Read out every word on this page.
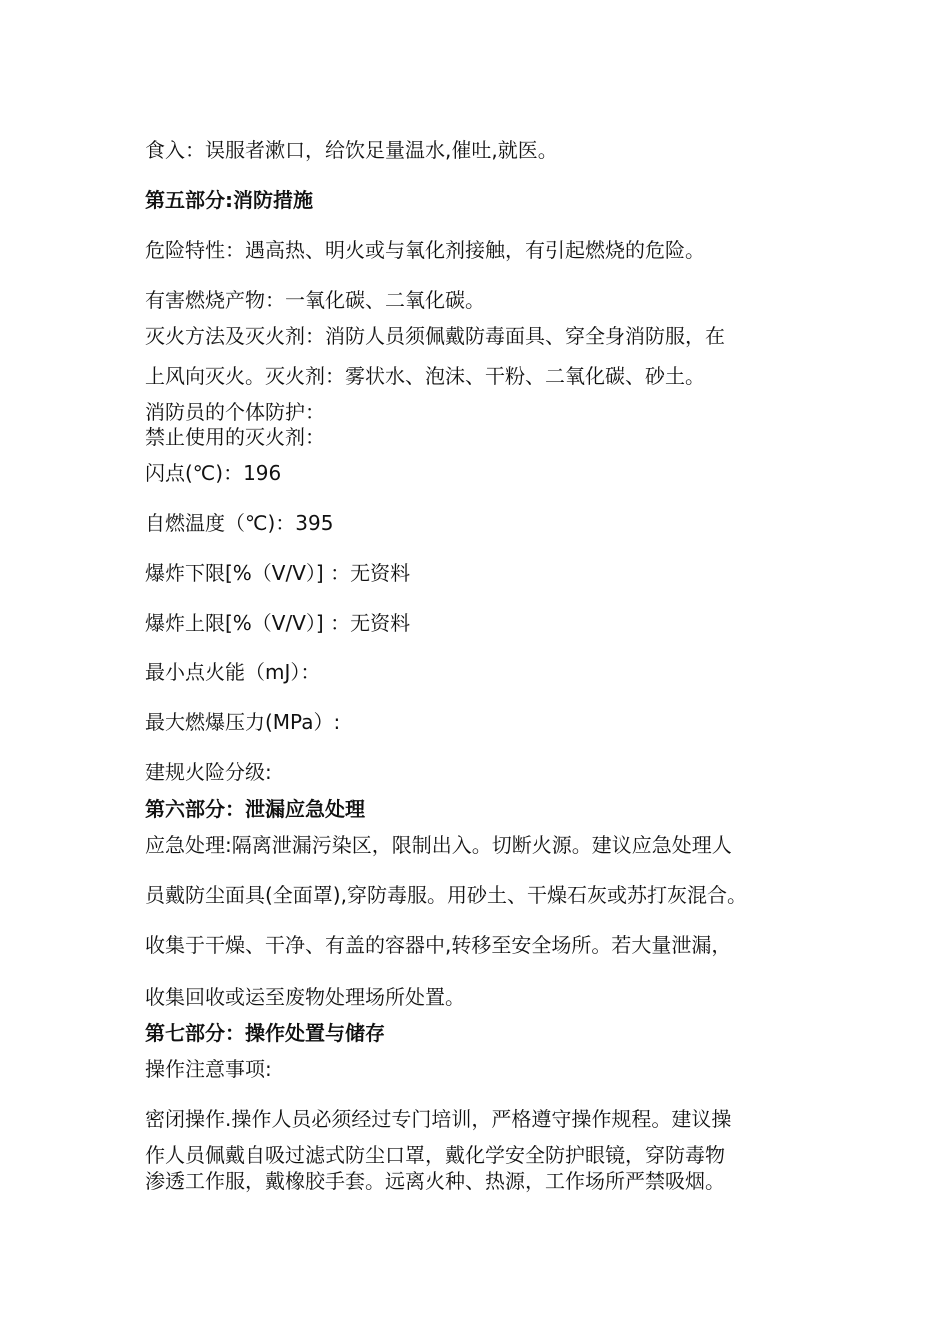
食入：误服者漱口，给饮足量温水,催吐,就医。
第五部分:消防措施
危险特性：遇高热、明火或与氧化剂接触，有引起燃烧的危险。
有害燃烧产物：一氧化碳、二氧化碳。
灭火方法及灭火剂：消防人员须佩戴防毒面具、穿全身消防服，在
上风向灭火。灭火剂：雾状水、泡沫、干粉、二氧化碳、砂土。
消防员的个体防护：
禁止使用的灭火剂：
闪点(℃)：196
自燃温度（℃)：395
爆炸下限[%（V/V）] ：无资料
爆炸上限[%（V/V）] ：无资料
最小点火能（mJ）：
最大燃爆压力(MPa）:
建规火险分级:
第六部分：泄漏应急处理
应急处理:隔离泄漏污染区，限制出入。切断火源。建议应急处理人
员戴防尘面具(全面罩),穿防毒服。用砂土、干燥石灰或苏打灰混合。
收集于干燥、干净、有盖的容器中,转移至安全场所。若大量泄漏，
收集回收或运至废物处理场所处置。
第七部分：操作处置与储存
操作注意事项:
密闭操作.操作人员必须经过专门培训，严格遵守操作规程。建议操
作人员佩戴自吸过滤式防尘口罩，戴化学安全防护眼镜，穿防毒物
渗透工作服，戴橡胶手套。远离火种、热源，工作场所严禁吸烟。
